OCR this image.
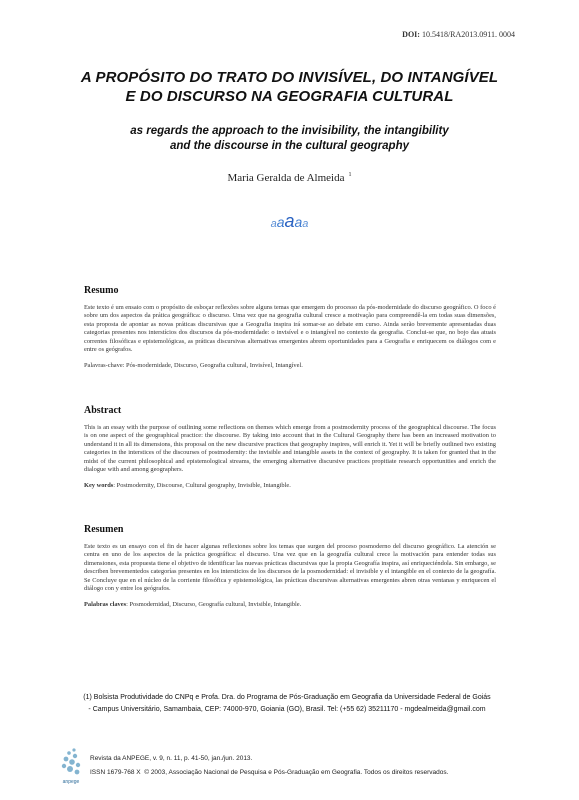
DOI: 10.5418/RA2013.0911. 0004
A PROPÓSITO DO TRATO DO INVISÍVEL, DO INTANGÍVEL
E DO DISCURSO NA GEOGRAFIA CULTURAL
as regards the approach to the invisibility, the intangibility
and the discourse in the cultural geography
Maria Geralda de Almeida $^1$
aaaaa
Resumo

Este texto é um ensaio com o propósito de esboçar reflexões sobre alguns temas que emergem do processo da pós-modernidade do discurso geográfico. O foco é sobre um dos aspectos da prática geográfica: o discurso. Uma vez que na geografia cultural cresce a motivação para compreendê-la em todas suas dimensões, esta proposta de apontar as novas práticas discursivas que a Geografia inspira irá somar-se ao debate em curso. Ainda serão brevemente apresentadas duas categorias presentes nos interstícios dos discursos da pós-modernidade: o invisível e o intangível no contexto da geografia. Conclui-se que, no bojo das atuais correntes filosóficas e epistemológicas, as práticas discursivas alternativas emergentes abrem oportunidades para a Geografia e enriquecem os diálogos com e entre os geógrafos.

Palavras-chave: Pós-modernidade, Discurso, Geografia cultural, Invisível, Intangível.

Abstract

This is an essay with the purpose of outlining some reflections on themes which emerge from a postmodernity process of the geographical discourse. The focus is on one aspect of the geographical practice: the discourse. By taking into account that in the Cultural Geography there has been an increased motivation to understand it in all its dimensions, this proposal on the new discursive practices that geography inspires, will enrich it. Yet it will be briefly outlined two existing categories in the interstices of the discourses of postmodernity: the invisible and intangible assets in the context of geography. It is taken for granted that in the midst of the current philosophical and epistemological streams, the emerging alternative discursive practices propitiate research opportunities and enrich the dialogue with and among geographers.

Key words: Postmodernity, Discourse, Cultural geography, Invisible, Intangible.

Resumen

Este texto es un ensayo con el fin de hacer algunas reflexiones sobre los temas que surgen del proceso posmoderno del discurso geográfico. La atención se centra en uno de los aspectos de la práctica geográfica: el discurso. Una vez que en la geografía cultural crece la motivación para entender todas sus dimensiones, esta propuesta tiene el objetivo de identificar las nuevas prácticas discursivas que la propia Geografía inspira, así enriqueciéndola. Sin embargo, se describen brevementedos categorías presentes en los intersticios de los discursos de la posmodernidad: el invisible y el intangible en el contexto de la geografía. Se Concluye que en el núcleo de la corriente filosófica y epistemológica, las prácticas discursivas alternativas emergentes abren otras ventanas y enriquecen el diálogo con y entre los geógrafos.

Palabras claves: Posmodernidad, Discurso, Geografía cultural, Invisible, Intangible.

(1) Bolsista Produtividade do CNPq e Profa. Dra. do Programa de Pós-Graduação em Geografia da Universidade Federal de Goiás
- Campus Universitário, Samambaia, CEP: 74000-970, Goiania (GO), Brasil. Tel: (+55 62) 35211170 - mgdealmeida@gmail.com
anpege
Revista da ANPEGE, v. 9, n. 11, p. 41-50, jan./jun. 2013.
ISSN 1679-768 X © 2003, Associação Nacional de Pesquisa e Pós-Graduação em Geografia. Todos os direitos reservados.
